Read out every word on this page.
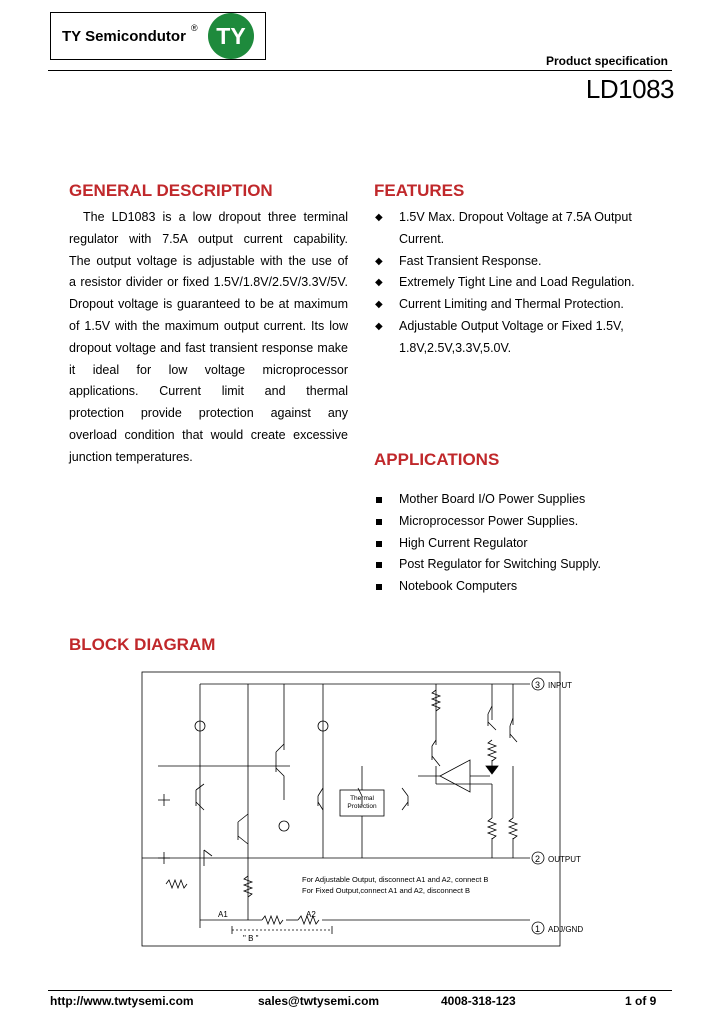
TY Semicondutor ® TY
Product specification
LD1083
GENERAL DESCRIPTION
The LD1083 is a low dropout three terminal
regulator with 7.5A output current capability.
The output voltage is adjustable with the use of
a resistor divider or fixed 1.5V/1.8V/2.5V/3.3V/5V.
Dropout voltage is guaranteed to be at maximum
of 1.5V with the maximum output current. Its low
dropout voltage and fast transient response make
it ideal for low voltage microprocessor
applications. Current limit and thermal
protection provide protection against any
overload condition that would create excessive
junction temperatures.
FEATURES
◆ 1.5V Max. Dropout Voltage at 7.5A Output Current.
◆ Fast Transient Response.
◆ Extremely Tight Line and Load Regulation.
◆ Current Limiting and Thermal Protection.
◆ Adjustable Output Voltage or Fixed 1.5V, 1.8V,2.5V,3.3V,5.0V.
APPLICATIONS
Mother Board I/O Power Supplies
Microprocessor Power Supplies.
High Current Regulator
Post Regulator for Switching Supply.
Notebook Computers
BLOCK DIAGRAM
3
2
1
INPUT
OUTPUT
ADJ/GND
Thermal
Protection
For Adjustable Output, disconnect A1 and A2, connect B
For Fixed Output,connect A1 and A2, disconnect B
A1	A2
" B "
http://www.twtysemi.com	sales@twtysemi.com	4008-318-123	1 of 9
